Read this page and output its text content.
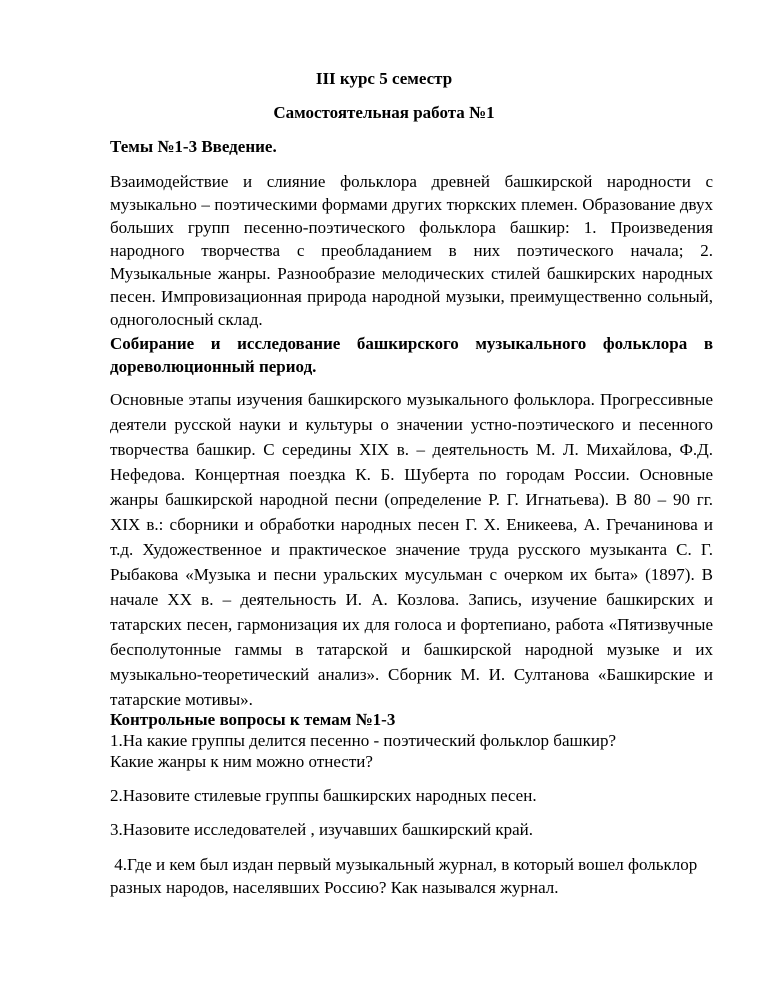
III курс 5 семестр
Самостоятельная работа №1
Темы №1-3 Введение.

Взаимодействие и слияние фольклора древней башкирской народности с музыкально – поэтическими формами других тюркских племен. Образование двух больших групп песенно-поэтического фольклора башкир: 1. Произведения народного творчества с преобладанием в них поэтического начала; 2. Музыкальные жанры. Разнообразие мелодических стилей башкирских народных песен. Импровизационная природа народной музыки, преимущественно сольный, одноголосный склад.

Собирание и исследование башкирского музыкального фольклора в дореволюционный период.

Основные этапы изучения башкирского музыкального фольклора. Прогрессивные деятели русской науки и культуры о значении устно-поэтического и песенного творчества башкир. С середины XIX в. – деятельность М. Л. Михайлова, Ф.Д. Нефедова. Концертная поездка К. Б. Шуберта по городам России. Основные жанры башкирской народной песни (определение Р. Г. Игнатьева). В 80 – 90 гг. XIX в.: сборники и обработки народных песен Г. Х. Еникеева, А. Гречанинова и т.д. Художественное и практическое значение труда русского музыканта С. Г. Рыбакова «Музыка и песни уральских мусульман с очерком их быта» (1897). В начале XX в. – деятельность И. А. Козлова. Запись, изучение башкирских и татарских песен, гармонизация их для голоса и фортепиано, работа «Пятизвучные бесполутонные гаммы в татарской и башкирской народной музыке и их музыкально-теоретический анализ». Сборник М. И. Султанова «Башкирские и татарские мотивы».

Контрольные вопросы к темам №1-3
1.На какие группы делится песенно - поэтический фольклор башкир?
Какие жанры к ним можно отнести?
2.Назовите стилевые группы башкирских народных песен.
3.Назовите исследователей , изучавших башкирский край.

4.Где и кем был издан первый музыкальный журнал, в который вошел фольклор разных народов, населявших Россию? Как назывался журнал.
